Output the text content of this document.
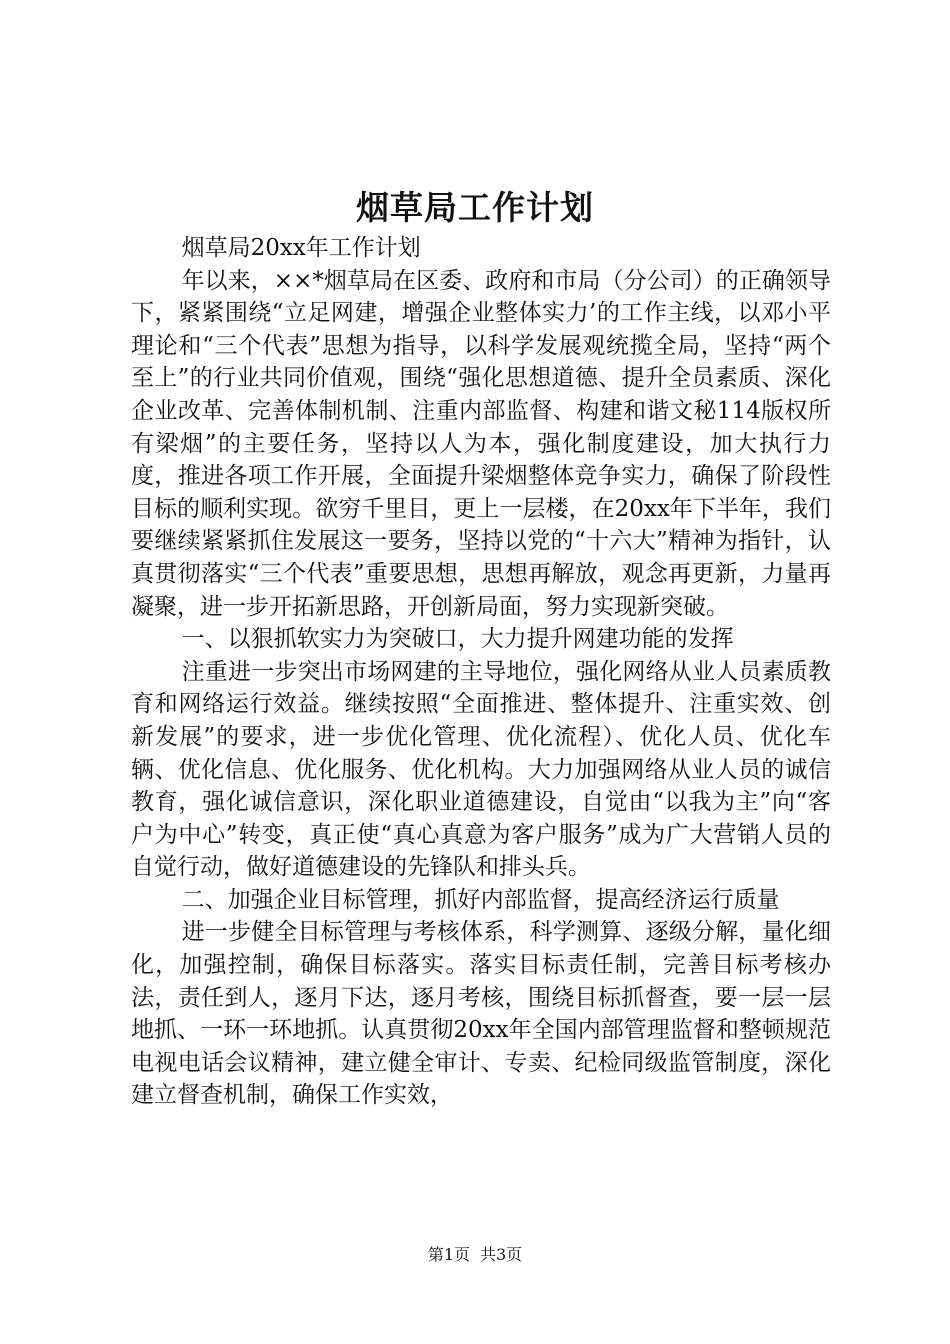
烟草局工作计划

烟草局20xx年工作计划

年以来，××*烟草局在区委、政府和市局（分公司）的正确领导下，紧紧围绕“立足网建，增强企业整体实力’的工作主线，以邓小平理论和“三个代表”思想为指导，以科学发展观统揽全局，坚持“两个至上”的行业共同价值观，围绕“强化思想道德、提升全员素质、深化企业改革、完善体制机制、注重内部监督、构建和谐文秘114版权所有梁烟”的主要任务，坚持以人为本，强化制度建设，加大执行力度，推进各项工作开展，全面提升梁烟整体竞争实力，确保了阶段性目标的顺利实现。欲穷千里目，更上一层楼，在20xx年下半年，我们要继续紧紧抓住发展这一要务，坚持以党的“十六大”精神为指针，认真贯彻落实“三个代表”重要思想，思想再解放，观念再更新，力量再凝聚，进一步开拓新思路，开创新局面，努力实现新突破。

一、以狠抓软实力为突破口，大力提升网建功能的发挥

注重进一步突出市场网建的主导地位，强化网络从业人员素质教育和网络运行效益。继续按照“全面推进、整体提升、注重实效、创新发展”的要求，进一步优化管理、优化流程）、优化人员、优化车辆、优化信息、优化服务、优化机构。大力加强网络从业人员的诚信教育，强化诚信意识，深化职业道德建设，自觉由“以我为主”向“客户为中心”转变，真正使“真心真意为客户服务”成为广大营销人员的自觉行动，做好道德建设的先锋队和排头兵。

二、加强企业目标管理，抓好内部监督，提高经济运行质量

进一步健全目标管理与考核体系，科学测算、逐级分解，量化细化，加强控制，确保目标落实。落实目标责任制，完善目标考核办法，责任到人，逐月下达，逐月考核，围绕目标抓督查，要一层一层地抓、一环一环地抓。认真贯彻20xx年全国内部管理监督和整顿规范电视电话会议精神，建立健全审计、专卖、纪检同级监管制度，深化建立督查机制，确保工作实效，

第1页 共3页
